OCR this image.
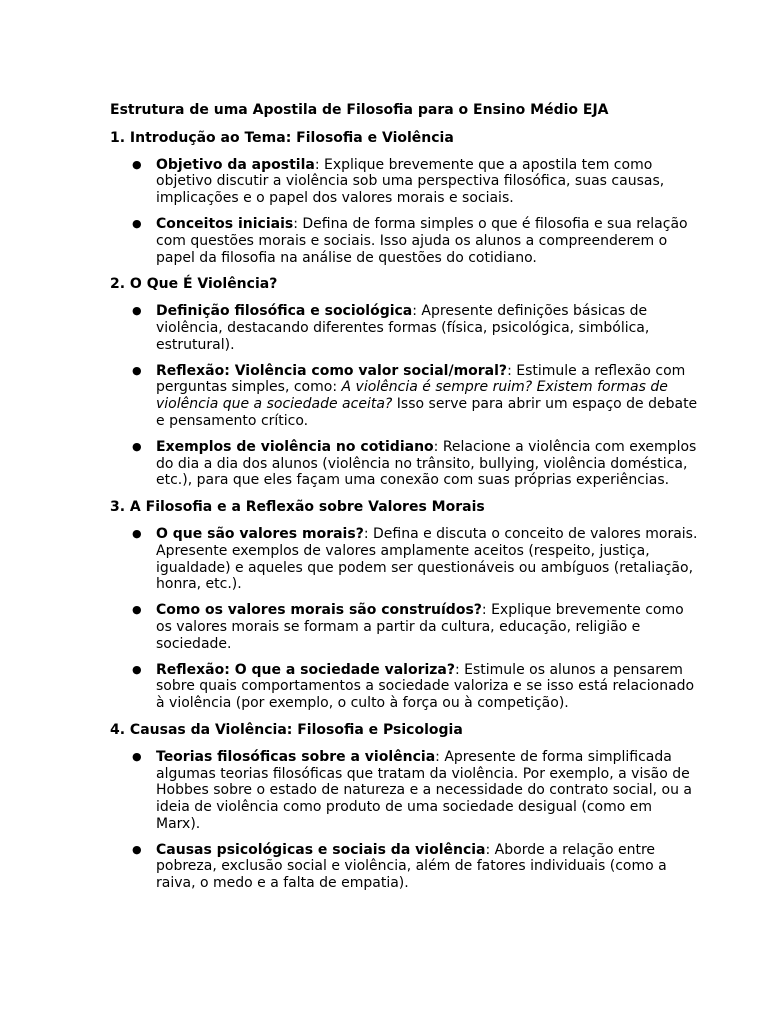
Estrutura de uma Apostila de Filosofia para o Ensino Médio EJA
1. Introdução ao Tema: Filosofia e Violência
● Objetivo da apostila: Explique brevemente que a apostila tem como objetivo discutir a violência sob uma perspectiva filosófica, suas causas, implicações e o papel dos valores morais e sociais.
● Conceitos iniciais: Defina de forma simples o que é filosofia e sua relação com questões morais e sociais. Isso ajuda os alunos a compreenderem o papel da filosofia na análise de questões do cotidiano.
2. O Que É Violência?
● Definição filosófica e sociológica: Apresente definições básicas de violência, destacando diferentes formas (física, psicológica, simbólica, estrutural).
● Reflexão: Violência como valor social/moral?: Estimule a reflexão com perguntas simples, como: A violência é sempre ruim? Existem formas de violência que a sociedade aceita? Isso serve para abrir um espaço de debate e pensamento crítico.
● Exemplos de violência no cotidiano: Relacione a violência com exemplos do dia a dia dos alunos (violência no trânsito, bullying, violência doméstica, etc.), para que eles façam uma conexão com suas próprias experiências.
3. A Filosofia e a Reflexão sobre Valores Morais
● O que são valores morais?: Defina e discuta o conceito de valores morais. Apresente exemplos de valores amplamente aceitos (respeito, justiça, igualdade) e aqueles que podem ser questionáveis ou ambíguos (retaliação, honra, etc.).
● Como os valores morais são construídos?: Explique brevemente como os valores morais se formam a partir da cultura, educação, religião e sociedade.
● Reflexão: O que a sociedade valoriza?: Estimule os alunos a pensarem sobre quais comportamentos a sociedade valoriza e se isso está relacionado à violência (por exemplo, o culto à força ou à competição).
4. Causas da Violência: Filosofia e Psicologia
● Teorias filosóficas sobre a violência: Apresente de forma simplificada algumas teorias filosóficas que tratam da violência. Por exemplo, a visão de Hobbes sobre o estado de natureza e a necessidade do contrato social, ou a ideia de violência como produto de uma sociedade desigual (como em Marx).
● Causas psicológicas e sociais da violência: Aborde a relação entre pobreza, exclusão social e violência, além de fatores individuais (como a raiva, o medo e a falta de empatia).
